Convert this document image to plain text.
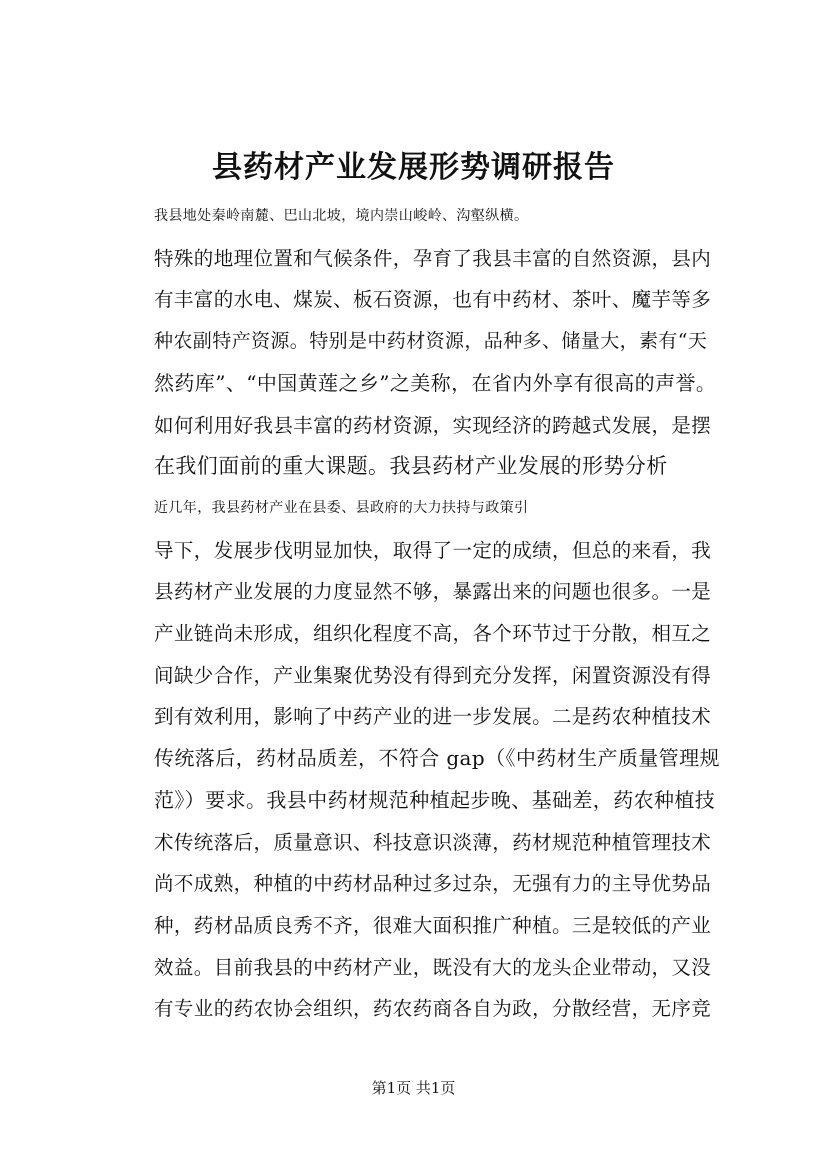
县药材产业发展形势调研报告

我县地处秦岭南麓、巴山北坡，境内崇山峻岭、沟壑纵横。
特殊的地理位置和气候条件，孕育了我县丰富的自然资源，县内
有丰富的水电、煤炭、板石资源，也有中药材、茶叶、魔芋等多
种农副特产资源。特别是中药材资源，品种多、储量大，素有“天
然药库”、“中国黄莲之乡”之美称，在省内外享有很高的声誉。
如何利用好我县丰富的药材资源，实现经济的跨越式发展，是摆
在我们面前的重大课题。我县药材产业发展的形势分析

近几年，我县药材产业在县委、县政府的大力扶持与政策引
导下，发展步伐明显加快，取得了一定的成绩，但总的来看，我
县药材产业发展的力度显然不够，暴露出来的问题也很多。一是
产业链尚未形成，组织化程度不高，各个环节过于分散，相互之
间缺少合作，产业集聚优势没有得到充分发挥，闲置资源没有得
到有效利用，影响了中药产业的进一步发展。二是药农种植技术
传统落后，药材品质差，不符合 gap（《中药材生产质量管理规
范》）要求。我县中药材规范种植起步晚、基础差，药农种植技
术传统落后，质量意识、科技意识淡薄，药材规范种植管理技术
尚不成熟，种植的中药材品种过多过杂，无强有力的主导优势品
种，药材品质良秀不齐，很难大面积推广种植。三是较低的产业
效益。目前我县的中药材产业，既没有大的龙头企业带动，又没
有专业的药农协会组织，药农药商各自为政，分散经营，无序竞

第1页 共1页
